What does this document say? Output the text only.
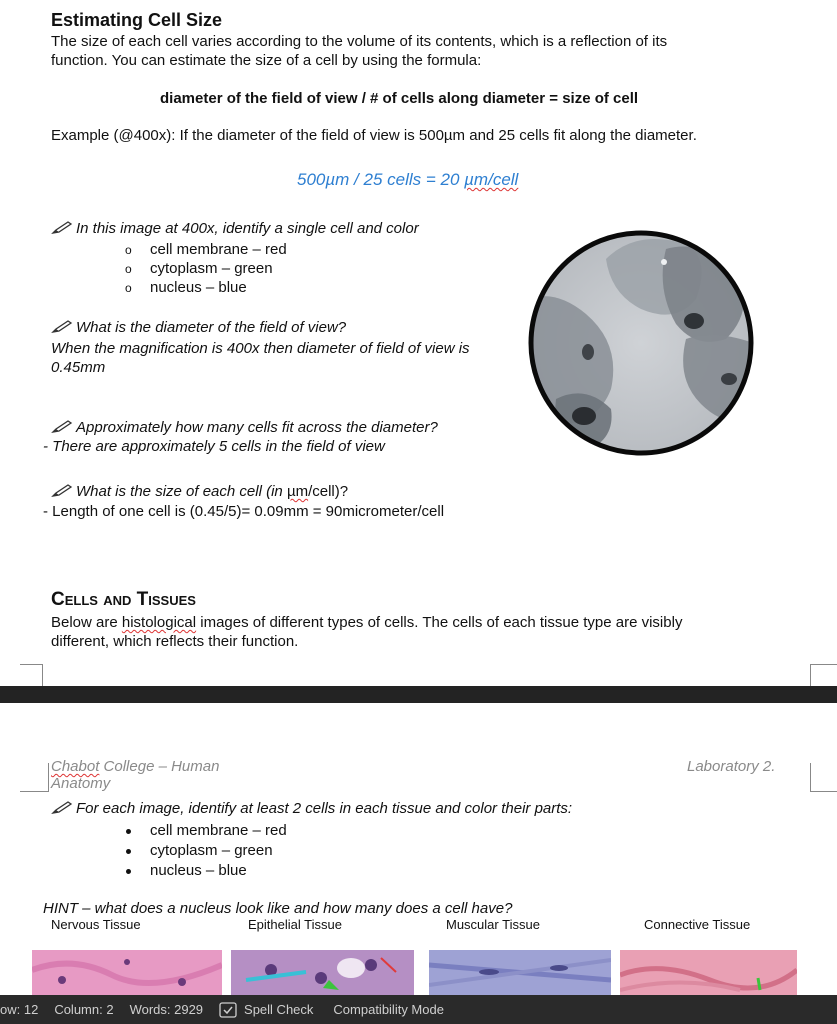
Estimating Cell Size
The size of each cell varies according to the volume of its contents, which is a reflection of its
function. You can estimate the size of a cell by using the formula:
diameter of the field of view / # of cells along diameter = size of cell
Example (@400x): If the diameter of the field of view is 500µm and 25 cells fit along the diameter.
500µm / 25 cells = 20 µm/cell
In this image at 400x, identify a single cell and color
o cell membrane – red
o cytoplasm – green
o nucleus – blue
What is the diameter of the field of view?
When the magnification is 400x then diameter of field of view is
0.45mm
Approximately how many cells fit across the diameter?
- There are approximately 5 cells in the field of view
What is the size of each cell (in µm/cell)?
- Length of one cell is (0.45/5)= 0.09mm = 90micrometer/cell
Cells and Tissues
Below are histological images of different types of cells. The cells of each tissue type are visibly
different, which reflects their function.
Chabot College – Human
Anatomy
Laboratory 2.
For each image, identify at least 2 cells in each tissue and color their parts:
cell membrane – red
cytoplasm – green
nucleus – blue
HINT – what does a nucleus look like and how many does a cell have?
Nervous Tissue	Epithelial Tissue	Muscular Tissue	Connective Tissue
ow: 12 Column: 2 Words: 2929	Spell Check Compatibility Mode
